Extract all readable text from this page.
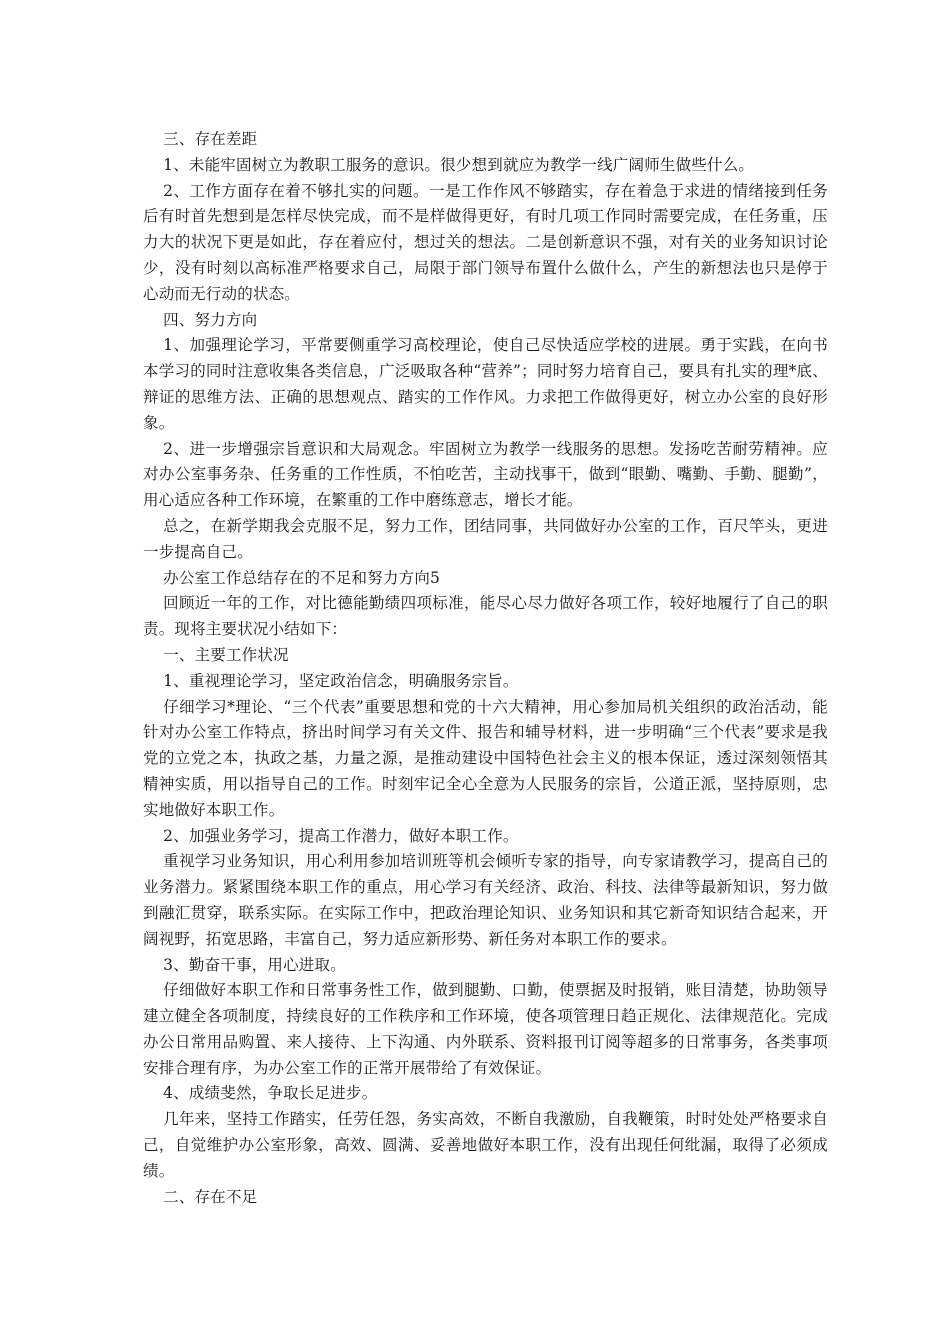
三、存在差距

1、未能牢固树立为教职工服务的意识。很少想到就应为教学一线广阔师生做些什么。

2、工作方面存在着不够扎实的问题。一是工作作风不够踏实，存在着急于求进的情绪接到任务后有时首先想到是怎样尽快完成，而不是样做得更好，有时几项工作同时需要完成，在任务重，压力大的状况下更是如此，存在着应付，想过关的想法。二是创新意识不强，对有关的业务知识讨论少，没有时刻以高标准严格要求自己，局限于部门领导布置什么做什么，产生的新想法也只是停于心动而无行动的状态。

四、努力方向

1、加强理论学习，平常要侧重学习高校理论，使自己尽快适应学校的进展。勇于实践，在向书本学习的同时注意收集各类信息，广泛吸取各种“营养”；同时努力培育自己，要具有扎实的理*底、辩证的思维方法、正确的思想观点、踏实的工作作风。力求把工作做得更好，树立办公室的良好形象。

2、进一步增强宗旨意识和大局观念。牢固树立为教学一线服务的思想。发扬吃苦耐劳精神。应对办公室事务杂、任务重的工作性质，不怕吃苦，主动找事干，做到“眼勤、嘴勤、手勤、腿勤”，用心适应各种工作环境，在繁重的工作中磨练意志，增长才能。

总之，在新学期我会克服不足，努力工作，团结同事，共同做好办公室的工作，百尺竿头，更进一步提高自己。

办公室工作总结存在的不足和努力方向5

回顾近一年的工作，对比德能勤绩四项标准，能尽心尽力做好各项工作，较好地履行了自己的职责。现将主要状况小结如下：

一、主要工作状况

1、重视理论学习，坚定政治信念，明确服务宗旨。

仔细学习*理论、“三个代表”重要思想和党的十六大精神，用心参加局机关组织的政治活动，能针对办公室工作特点，挤出时间学习有关文件、报告和辅导材料，进一步明确“三个代表”要求是我党的立党之本，执政之基，力量之源，是推动建设中国特色社会主义的根本保证，透过深刻领悟其精神实质，用以指导自己的工作。时刻牢记全心全意为人民服务的宗旨，公道正派，坚持原则，忠实地做好本职工作。

2、加强业务学习，提高工作潜力，做好本职工作。

重视学习业务知识，用心利用参加培训班等机会倾听专家的指导，向专家请教学习，提高自己的业务潜力。紧紧围绕本职工作的重点，用心学习有关经济、政治、科技、法律等最新知识，努力做到融汇贯穿，联系实际。在实际工作中，把政治理论知识、业务知识和其它新奇知识结合起来，开阔视野，拓宽思路，丰富自己，努力适应新形势、新任务对本职工作的要求。

3、勤奋干事，用心进取。

仔细做好本职工作和日常事务性工作，做到腿勤、口勤，使票据及时报销，账目清楚，协助领导建立健全各项制度，持续良好的工作秩序和工作环境，使各项管理日趋正规化、法律规范化。完成办公日常用品购置、来人接待、上下沟通、内外联系、资料报刊订阅等超多的日常事务，各类事项安排合理有序，为办公室工作的正常开展带给了有效保证。

4、成绩斐然，争取长足进步。

几年来，坚持工作踏实，任劳任怨，务实高效，不断自我激励，自我鞭策，时时处处严格要求自己，自觉维护办公室形象，高效、圆满、妥善地做好本职工作，没有出现任何纰漏，取得了必须成绩。

二、存在不足
